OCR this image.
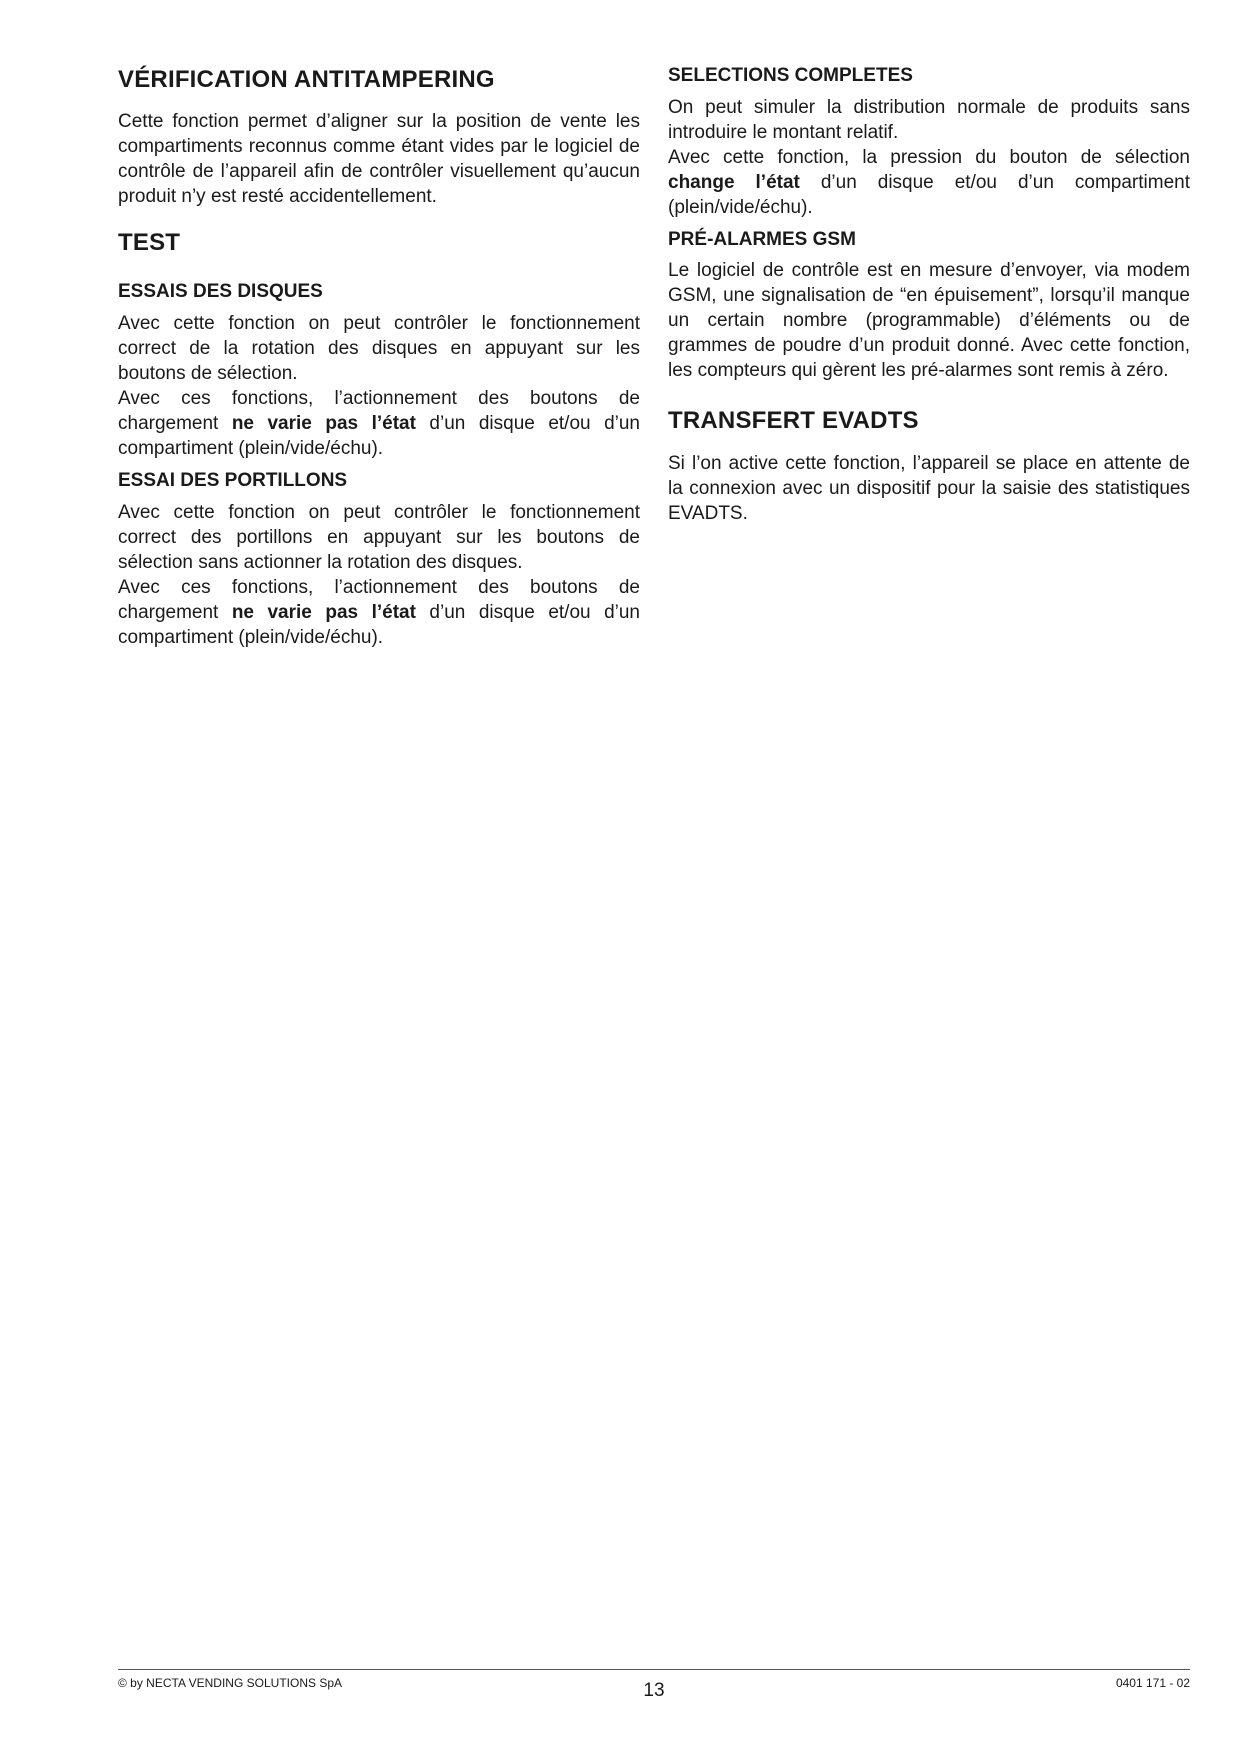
VÉRIFICATION ANTITAMPERING

Cette fonction permet d’aligner sur la position de vente les compartiments reconnus comme étant vides par le logiciel de contrôle de l’appareil afin de contrôler visuellement qu’aucun produit n’y est resté accidentellement.

TEST
ESSAIS DES DISQUES

Avec cette fonction on peut contrôler le fonctionnement correct de la rotation des disques en appuyant sur les boutons de sélection.

Avec ces fonctions, l’actionnement des boutons de chargement ne varie pas l’état d’un disque et/ou d’un compartiment (plein/vide/échu).

ESSAI DES PORTILLONS

Avec cette fonction on peut contrôler le fonctionnement correct des portillons en appuyant sur les boutons de sélection sans actionner la rotation des disques.

Avec ces fonctions, l’actionnement des boutons de chargement ne varie pas l’état d’un disque et/ou d’un compartiment (plein/vide/échu).

SELECTIONS COMPLETES

On peut simuler la distribution normale de produits sans introduire le montant relatif.

Avec cette fonction, la pression du bouton de sélection change l’état d’un disque et/ou d’un compartiment (plein/vide/échu).

PRÉ-ALARMES GSM

Le logiciel de contrôle est en mesure d’envoyer, via modem GSM, une signalisation de “en épuisement”, lorsqu’il manque un certain nombre (programmable) d’éléments ou de grammes de poudre d’un produit donné. Avec cette fonction, les compteurs qui gèrent les pré-alarmes sont remis à zéro.

TRANSFERT EVADTS

Si l’on active cette fonction, l’appareil se place en attente de la connexion avec un dispositif pour la saisie des statistiques EVADTS.

© by NECTA VENDING SOLUTIONS SpA	13	0401 171 - 02
